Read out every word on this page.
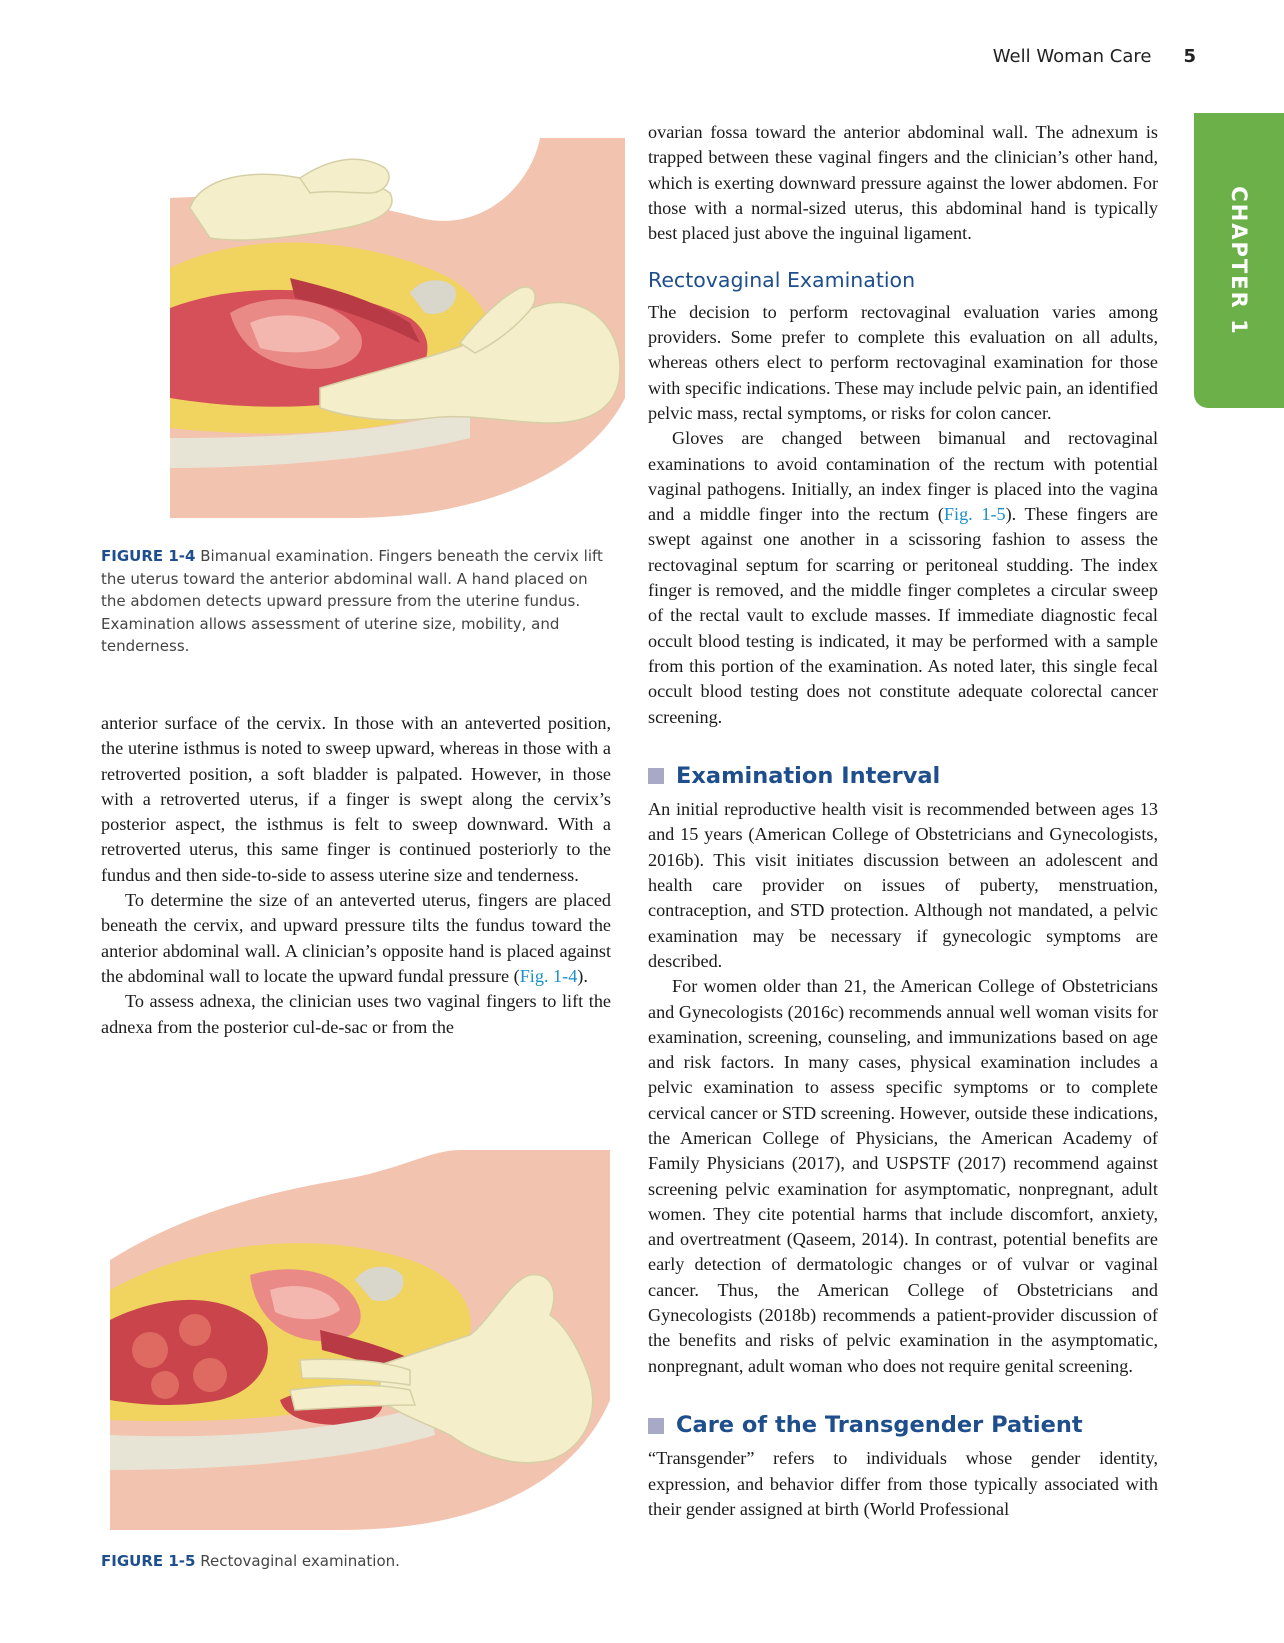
Well Woman Care 5
CHAPTER 1
FIGURE 1-4 Bimanual examination. Fingers beneath the cervix lift the uterus toward the anterior abdominal wall. A hand placed on the abdomen detects upward pressure from the uterine fundus. Examination allows assessment of uterine size, mobility, and tenderness.

anterior surface of the cervix. In those with an anteverted position, the uterine isthmus is noted to sweep upward, whereas in those with a retroverted position, a soft bladder is palpated. However, in those with a retroverted uterus, if a finger is swept along the cervix’s posterior aspect, the isthmus is felt to sweep downward. With a retroverted uterus, this same finger is continued posteriorly to the fundus and then side-to-side to assess uterine size and tenderness.

To determine the size of an anteverted uterus, fingers are placed beneath the cervix, and upward pressure tilts the fundus toward the anterior abdominal wall. A clinician’s opposite hand is placed against the abdominal wall to locate the upward fundal pressure (Fig. 1-4).

To assess adnexa, the clinician uses two vaginal fingers to lift the adnexa from the posterior cul-de-sac or from the

FIGURE 1-5 Rectovaginal examination.

ovarian fossa toward the anterior abdominal wall. The adnexum is trapped between these vaginal fingers and the clinician’s other hand, which is exerting downward pressure against the lower abdomen. For those with a normal-sized uterus, this abdominal hand is typically best placed just above the inguinal ligament.

Rectovaginal Examination

The decision to perform rectovaginal evaluation varies among providers. Some prefer to complete this evaluation on all adults, whereas others elect to perform rectovaginal examination for those with specific indications. These may include pelvic pain, an identified pelvic mass, rectal symptoms, or risks for colon cancer.

Gloves are changed between bimanual and rectovaginal examinations to avoid contamination of the rectum with potential vaginal pathogens. Initially, an index finger is placed into the vagina and a middle finger into the rectum (Fig. 1-5). These fingers are swept against one another in a scissoring fashion to assess the rectovaginal septum for scarring or peritoneal studding. The index finger is removed, and the middle finger completes a circular sweep of the rectal vault to exclude masses. If immediate diagnostic fecal occult blood testing is indicated, it may be performed with a sample from this portion of the examination. As noted later, this single fecal occult blood testing does not constitute adequate colorectal cancer screening.

Examination Interval

An initial reproductive health visit is recommended between ages 13 and 15 years (American College of Obstetricians and Gynecologists, 2016b). This visit initiates discussion between an adolescent and health care provider on issues of puberty, menstruation, contraception, and STD protection. Although not mandated, a pelvic examination may be necessary if gynecologic symptoms are described.

For women older than 21, the American College of Obstetricians and Gynecologists (2016c) recommends annual well woman visits for examination, screening, counseling, and immunizations based on age and risk factors. In many cases, physical examination includes a pelvic examination to assess specific symptoms or to complete cervical cancer or STD screening. However, outside these indications, the American College of Physicians, the American Academy of Family Physicians (2017), and USPSTF (2017) recommend against screening pelvic examination for asymptomatic, nonpregnant, adult women. They cite potential harms that include discomfort, anxiety, and overtreatment (Qaseem, 2014). In contrast, potential benefits are early detection of dermatologic changes or of vulvar or vaginal cancer. Thus, the American College of Obstetricians and Gynecologists (2018b) recommends a patient-provider discussion of the benefits and risks of pelvic examination in the asymptomatic, nonpregnant, adult woman who does not require genital screening.

Care of the Transgender Patient

“Transgender” refers to individuals whose gender identity, expression, and behavior differ from those typically associated with their gender assigned at birth (World Professional
